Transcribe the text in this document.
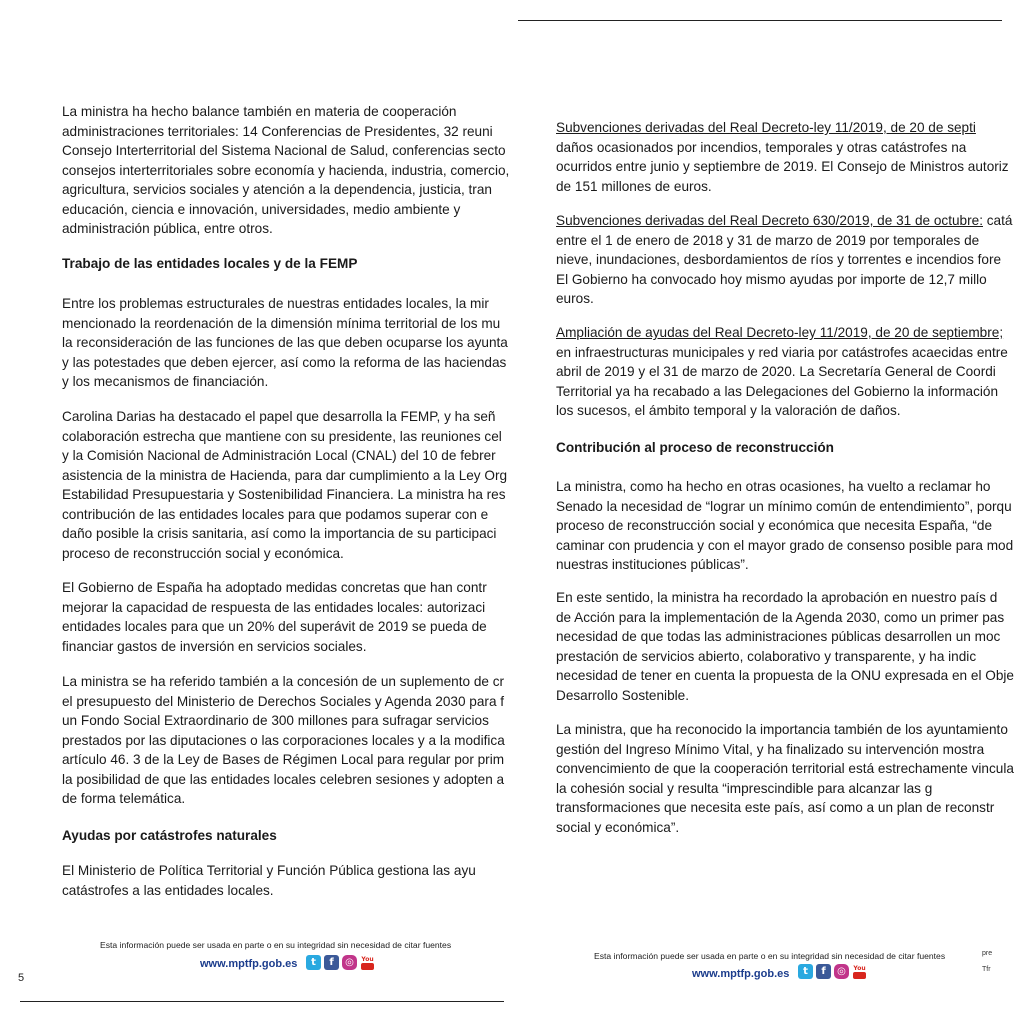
La ministra ha hecho balance también en materia de cooperación
administraciones territoriales: 14 Conferencias de Presidentes, 32 reuni
Consejo Interterritorial del Sistema Nacional de Salud, conferencias secto
consejos interterritoriales sobre economía y hacienda, industria, comercio,
agricultura, servicios sociales y atención a la dependencia, justicia, tran
educación, ciencia e innovación, universidades, medio ambiente y
administración pública, entre otros.
Trabajo de las entidades locales y de la FEMP
Entre los problemas estructurales de nuestras entidades locales, la mir
mencionado la reordenación de la dimensión mínima territorial de los mu
la reconsideración de las funciones de las que deben ocuparse los ayunta
y las potestades que deben ejercer, así como la reforma de las haciendas
y los mecanismos de financiación.
Carolina Darias ha destacado el papel que desarrolla la FEMP, y ha señ
colaboración estrecha que mantiene con su presidente, las reuniones cel
y la Comisión Nacional de Administración Local (CNAL) del 10 de febrer
asistencia de la ministra de Hacienda, para dar cumplimiento a la Ley Org
Estabilidad Presupuestaria y Sostenibilidad Financiera. La ministra ha res
contribución de las entidades locales para que podamos superar con e
daño posible la crisis sanitaria, así como la importancia de su participaci
proceso de reconstrucción social y económica.
El Gobierno de España ha adoptado medidas concretas que han contr
mejorar la capacidad de respuesta de las entidades locales: autorizaci
entidades locales para que un 20% del superávit de 2019 se pueda de
financiar gastos de inversión en servicios sociales.
La ministra se ha referido también a la concesión de un suplemento de cr
el presupuesto del Ministerio de Derechos Sociales y Agenda 2030 para f
un Fondo Social Extraordinario de 300 millones para sufragar servicios
prestados por las diputaciones o las corporaciones locales y a la modifica
artículo 46. 3 de la Ley de Bases de Régimen Local para regular por prim
la posibilidad de que las entidades locales celebren sesiones y adopten a
de forma telemática.
Ayudas por catástrofes naturales
El Ministerio de Política Territorial y Función Pública gestiona las ayu
catástrofes a las entidades locales.
Esta información puede ser usada en parte o en su integridad sin necesidad de citar fuentes
www.mptfp.gob.es	t	f	◎	You
5
Subvenciones derivadas del Real Decreto-ley 11/2019, de 20 de septi
daños ocasionados por incendios, temporales y otras catástrofes na
ocurridos entre junio y septiembre de 2019. El Consejo de Ministros autoriz
de 151 millones de euros.
Subvenciones derivadas del Real Decreto 630/2019, de 31 de octubre: catá
entre el 1 de enero de 2018 y 31 de marzo de 2019 por temporales de
nieve, inundaciones, desbordamientos de ríos y torrentes e incendios fore
El Gobierno ha convocado hoy mismo ayudas por importe de 12,7 millo
euros.
Ampliación de ayudas del Real Decreto-ley 11/2019, de 20 de septiembre;
en infraestructuras municipales y red viaria por catástrofes acaecidas entre
abril de 2019 y el 31 de marzo de 2020. La Secretaría General de Coordi
Territorial ya ha recabado a las Delegaciones del Gobierno la información
los sucesos, el ámbito temporal y la valoración de daños.
Contribución al proceso de reconstrucción
La ministra, como ha hecho en otras ocasiones, ha vuelto a reclamar ho
Senado la necesidad de “lograr un mínimo común de entendimiento”, porqu
proceso de reconstrucción social y económica que necesita España, “de
caminar con prudencia y con el mayor grado de consenso posible para mod
nuestras instituciones públicas”.
En este sentido, la ministra ha recordado la aprobación en nuestro país d
de Acción para la implementación de la Agenda 2030, como un primer pas
necesidad de que todas las administraciones públicas desarrollen un moc
prestación de servicios abierto, colaborativo y transparente, y ha indic
necesidad de tener en cuenta la propuesta de la ONU expresada en el Obje
Desarrollo Sostenible.
La ministra, que ha reconocido la importancia también de los ayuntamiento
gestión del Ingreso Mínimo Vital, y ha finalizado su intervención mostra
convencimiento de que la cooperación territorial está estrechamente vincula
la cohesión social y resulta “imprescindible para alcanzar las g
transformaciones que necesita este país, así como a un plan de reconstr
social y económica”.
Esta información puede ser usada en parte o en su integridad sin necesidad de citar fuentes
www.mptfp.gob.es	t	f	◎	You
pre
Tfr
